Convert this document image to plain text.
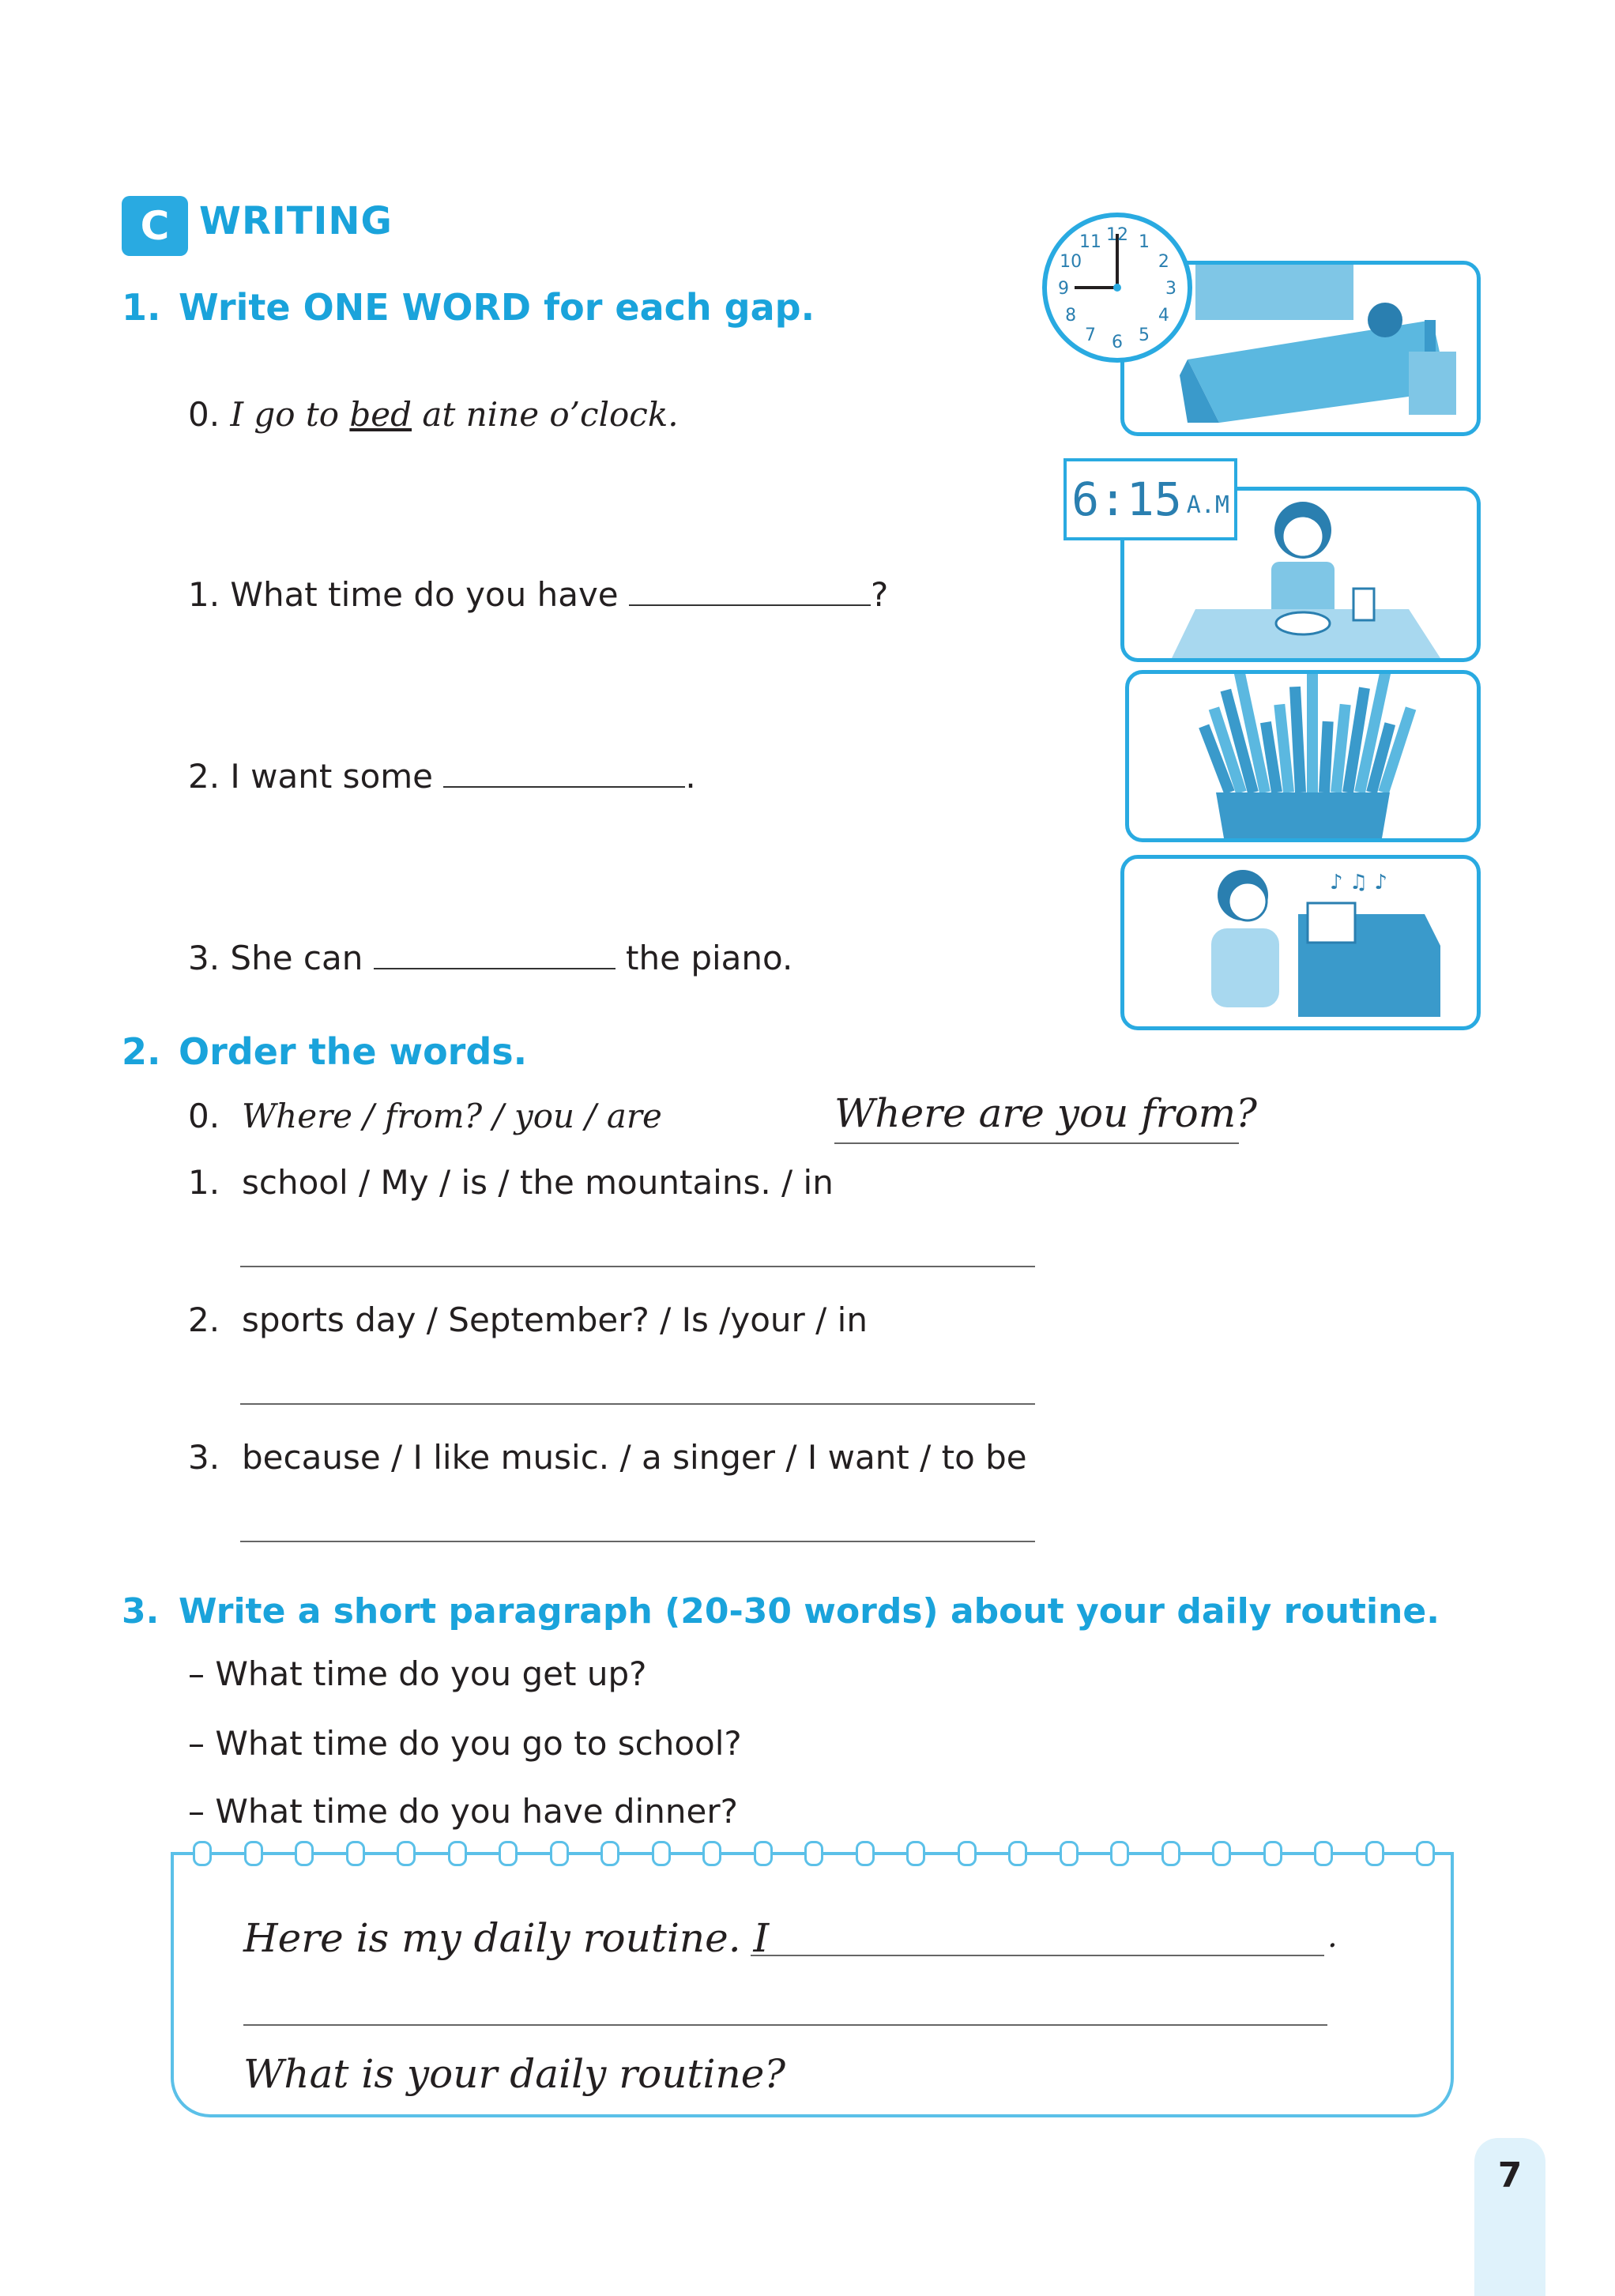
C WRITING
1. Write ONE WORD for each gap.
0. I go to bed at nine o’clock.
1. What time do you have	?
2. I want some	.
3. She can	the piano.
12 1
2
3
4
5
6
7
8
9
10
11
6:15 A.M
♪ ♫ ♪
2. Order the words.
0. Where / from? / you / are	Where are you from?
1. school / My / is / the mountains. / in
2. sports day / September? / Is /your / in
3. because / I like music. / a singer / I want / to be
3. Write a short paragraph (20-30 words) about your daily routine.
– What time do you get up?
– What time do you go to school?
– What time do you have dinner?
Here is my daily routine. I	.
What is your daily routine?
7
